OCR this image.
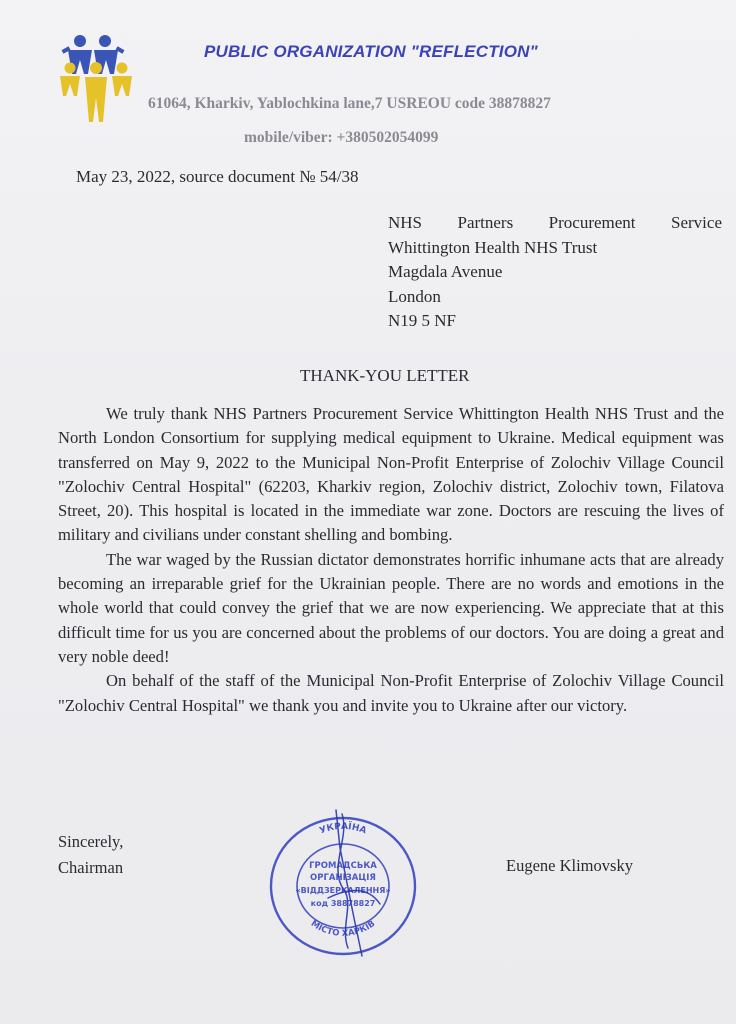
PUBLIC ORGANIZATION "REFLECTION"
61064, Kharkiv, Yablochkina lane,7 USREOU code 38878827
mobile/viber: +380502054099
May 23, 2022, source document № 54/38
NHS Partners Procurement Service
Whittington Health NHS Trust
Magdala Avenue
London
N19 5 NF
THANK-YOU LETTER

We truly thank NHS Partners Procurement Service Whittington Health NHS Trust and the North London Consortium for supplying medical equipment to Ukraine. Medical equipment was transferred on May 9, 2022 to the Municipal Non-Profit Enterprise of Zolochiv Village Council "Zolochiv Central Hospital" (62203, Kharkiv region, Zolochiv district, Zolochiv town, Filatova Street, 20). This hospital is located in the immediate war zone. Doctors are rescuing the lives of military and civilians under constant shelling and bombing.

The war waged by the Russian dictator demonstrates horrific inhumane acts that are already becoming an irreparable grief for the Ukrainian people. There are no words and emotions in the whole world that could convey the grief that we are now experiencing. We appreciate that at this difficult time for us you are concerned about the problems of our doctors. You are doing a great and very noble deed!

On behalf of the staff of the Municipal Non-Profit Enterprise of Zolochiv Village Council "Zolochiv Central Hospital" we thank you and invite you to Ukraine after our victory.

Sincerely,
Chairman	Eugene Klimovsky
УКРАЇНА
МІСТО ХАРКІВ
ГРОМАДСЬКА
ОРГАНІЗАЦІЯ
«ВІДДЗЕРКАЛЕННЯ»
код 38878827
